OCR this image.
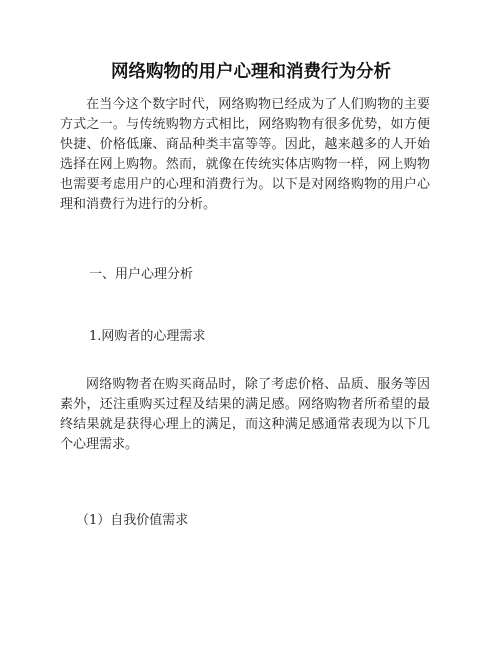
网络购物的用户心理和消费行为分析

在当今这个数字时代，网络购物已经成为了人们购物的主要方式之一。与传统购物方式相比，网络购物有很多优势，如方便快捷、价格低廉、商品种类丰富等等。因此，越来越多的人开始选择在网上购物。然而，就像在传统实体店购物一样，网上购物也需要考虑用户的心理和消费行为。以下是对网络购物的用户心理和消费行为进行的分析。

一、用户心理分析

1.网购者的心理需求

网络购物者在购买商品时，除了考虑价格、品质、服务等因素外，还注重购买过程及结果的满足感。网络购物者所希望的最终结果就是获得心理上的满足，而这种满足感通常表现为以下几个心理需求。

（1）自我价值需求
